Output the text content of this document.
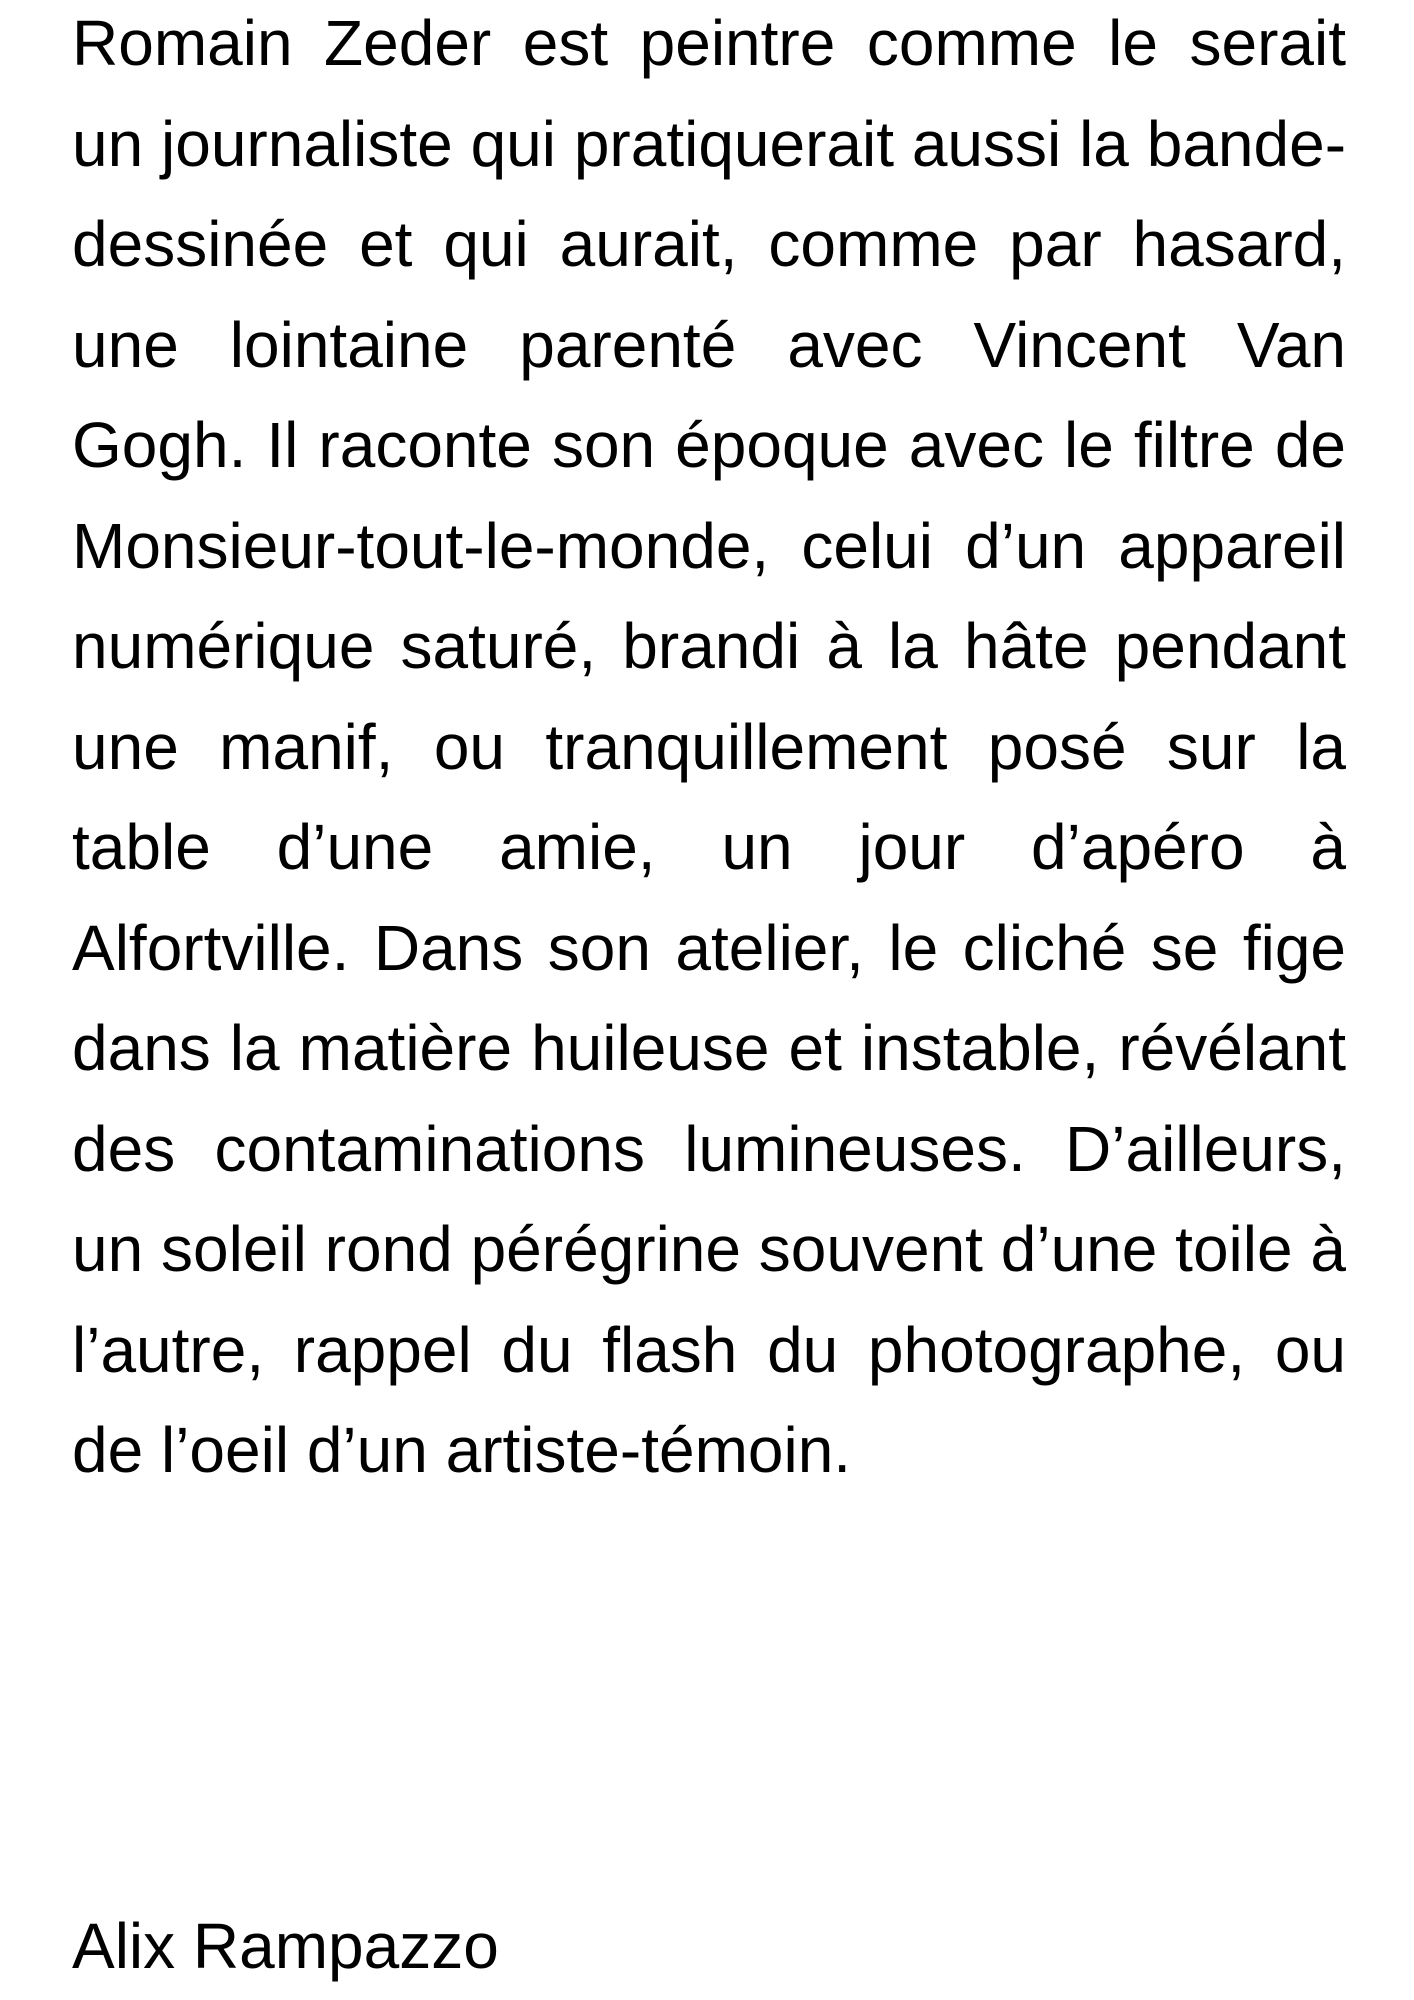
Romain Zeder est peintre comme le serait un journaliste qui pratiquerait aussi la bande-dessinée et qui aurait, comme par hasard, une lointaine parenté avec Vincent Van Gogh. Il raconte son époque avec le filtre de Monsieur-tout-le-monde, celui d’un appareil numérique saturé, brandi à la hâte pendant une manif, ou tranquillement posé sur la table d’une amie, un jour d’apéro à Alfortville. Dans son atelier, le cliché se fige dans la matière huileuse et instable, révélant des contaminations lumineuses. D’ailleurs, un soleil rond pérégrine souvent d’une toile à l’autre, rappel du flash du photographe, ou de l’oeil d’un artiste-témoin.

Alix Rampazzo
